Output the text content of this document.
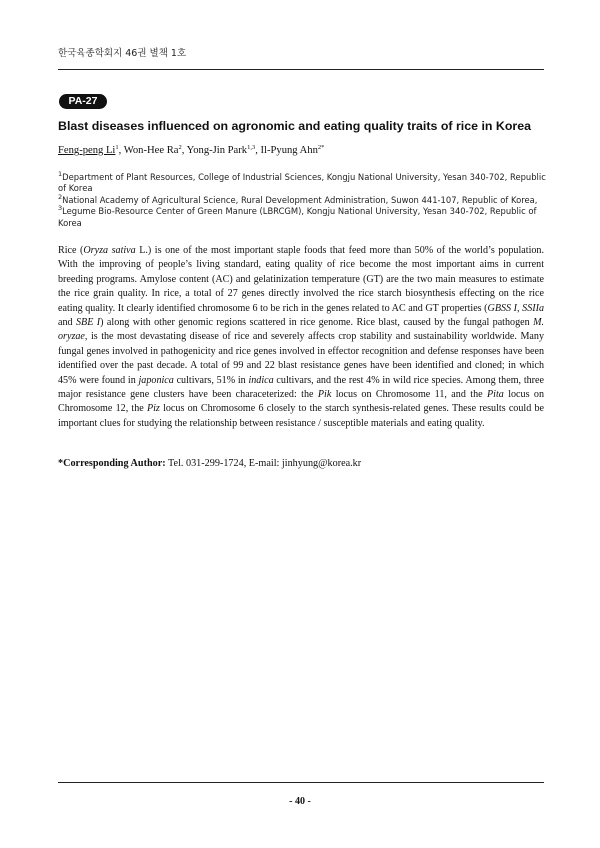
한국육종학회지 46권 별책 1호
PA-27
Blast diseases influenced on agronomic and eating quality traits of rice in Korea
Feng-peng Li$^1$, Won-Hee Ra$^2$, Yong-Jin Park$^{1,3}$, Il-Pyung Ahn$^{2*}$

$^1$Department of Plant Resources, College of Industrial Sciences, Kongju National University, Yesan 340-702, Republic of Korea

$^2$National Academy of Agricultural Science, Rural Development Administration, Suwon 441-107, Republic of Korea,

$^3$Legume Bio-Resource Center of Green Manure (LBRCGM), Kongju National University, Yesan 340-702, Republic of Korea

Rice (Oryza sativa L.) is one of the most important staple foods that feed more than 50% of the world’s population. With the improving of people’s living standard, eating quality of rice become the most important aims in current breeding programs. Amylose content (AC) and gelatinization temperature (GT) are the two main measures to estimate the rice grain quality. In rice, a total of 27 genes directly involved the rice starch biosynthesis effecting on the rice eating quality. It clearly identified chromosome 6 to be rich in the genes related to AC and GT properties (GBSS I, SSIIa and SBE I) along with other genomic regions scattered in rice genome. Rice blast, caused by the fungal pathogen M. oryzae, is the most devastating disease of rice and severely affects crop stability and sustainability worldwide. Many fungal genes involved in pathogenicity and rice genes involved in effector recognition and defense responses have been identified over the past decade. A total of 99 and 22 blast resistance genes have been identified and cloned; in which 45% were found in japonica cultivars, 51% in indica cultivars, and the rest 4% in wild rice species. Among them, three major resistance gene clusters have been characeterized: the Pik locus on Chromosome 11, and the Pita locus on Chromosome 12, the Piz locus on Chromosome 6 closely to the starch synthesis-related genes. These results could be important clues for studying the relationship between resistance / susceptible materials and eating quality.

*Corresponding Author: Tel. 031-299-1724, E-mail: jinhyung@korea.kr
- 40 -
